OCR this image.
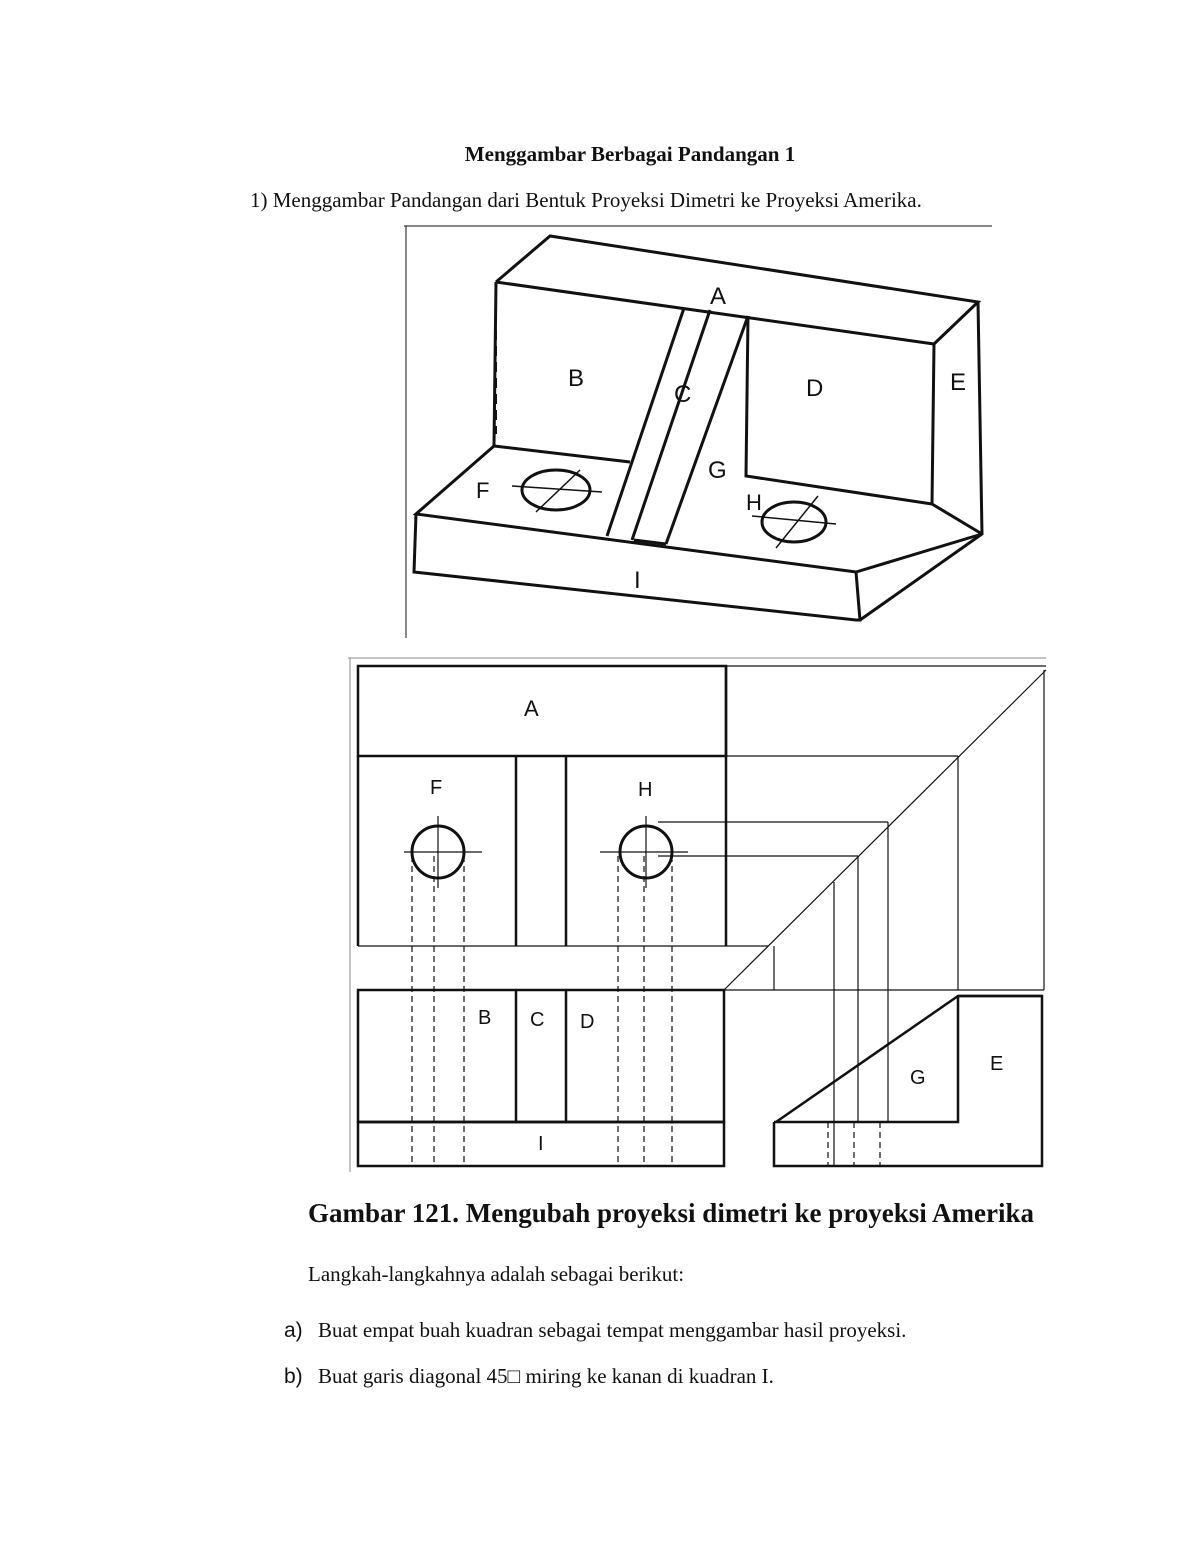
Menggambar Berbagai Pandangan 1
1) Menggambar Pandangan dari Bentuk Proyeksi Dimetri ke Proyeksi Amerika.
A
B
C	D	E
F
G
H
I
A
F	H
B C D
G
E
I
Gambar 121. Mengubah proyeksi dimetri ke proyeksi Amerika
Langkah-langkahnya adalah sebagai berikut:
a) Buat empat buah kuadran sebagai tempat menggambar hasil proyeksi.
b) Buat garis diagonal 45□ miring ke kanan di kuadran I.
